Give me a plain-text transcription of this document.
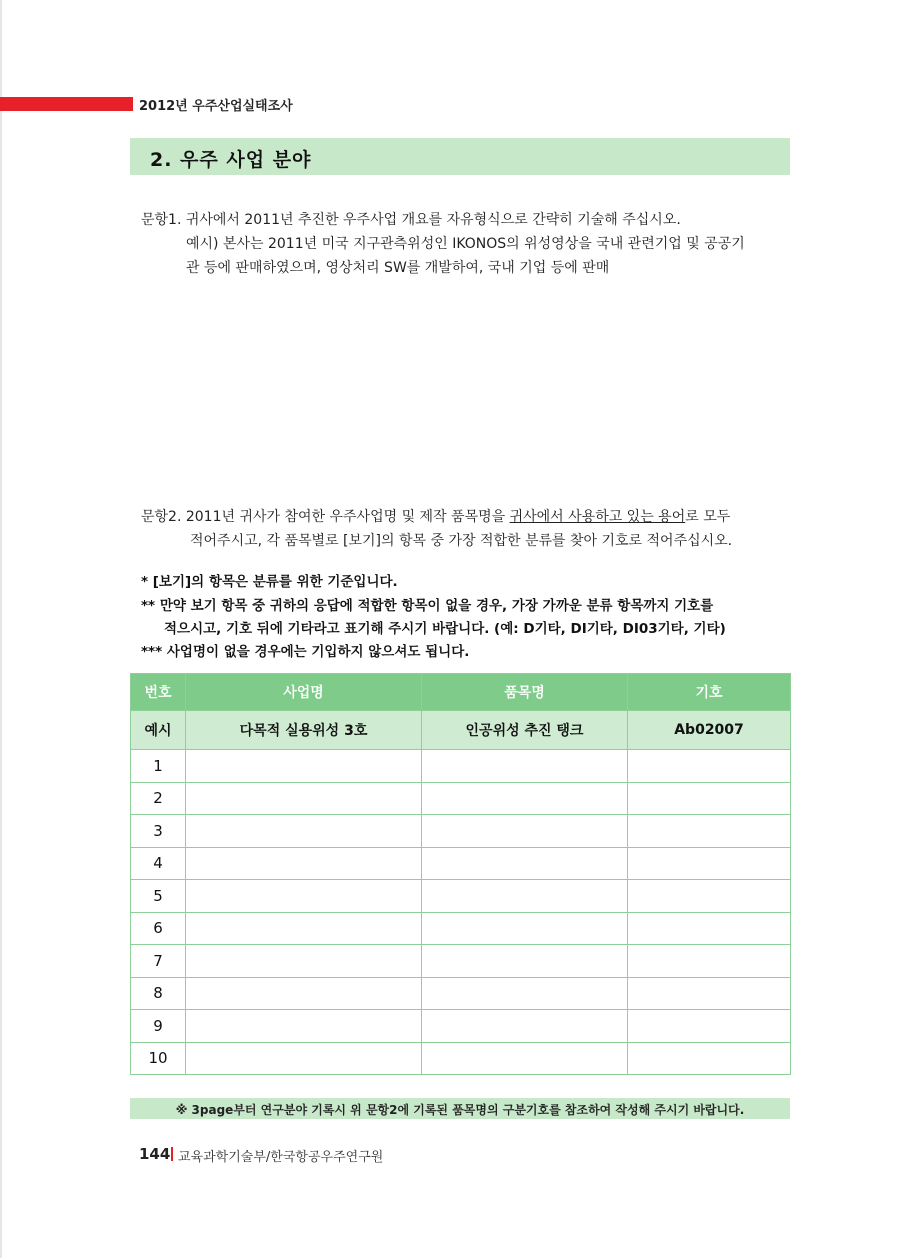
2012년 우주산업실태조사
2. 우주 사업 분야
문항1. 귀사에서 2011년 추진한 우주사업 개요를 자유형식으로 간략히 기술해 주십시오.
예시) 본사는 2011년 미국 지구관측위성인 IKONOS의 위성영상을 국내 관련기업 및 공공기
관 등에 판매하였으며, 영상처리 SW를 개발하여, 국내 기업 등에 판매
문항2. 2011년 귀사가 참여한 우주사업명 및 제작 품목명을 귀사에서 사용하고 있는 용어로 모두
적어주시고, 각 품목별로 [보기]의 항목 중 가장 적합한 분류를 찾아 기호로 적어주십시오.
* [보기]의 항목은 분류를 위한 기준입니다.
** 만약 보기 항목 중 귀하의 응답에 적합한 항목이 없을 경우, 가장 가까운 분류 항목까지 기호를
적으시고, 기호 뒤에 기타라고 표기해 주시기 바랍니다. (예: D기타, DI기타, DI03기타, 기타)
*** 사업명이 없을 경우에는 기입하지 않으셔도 됩니다.
번호	사업명	품목명	기호
예시	다목적 실용위성 3호	인공위성 추진 탱크	Ab02007
1			
2			
3			
4			
5			
6			
7			
8			
9			
10			
※ 3page부터 연구분야 기록시 위 문항2에 기록된 품목명의 구분기호를 참조하여 작성해 주시기 바랍니다.
144 교육과학기술부/한국항공우주연구원
